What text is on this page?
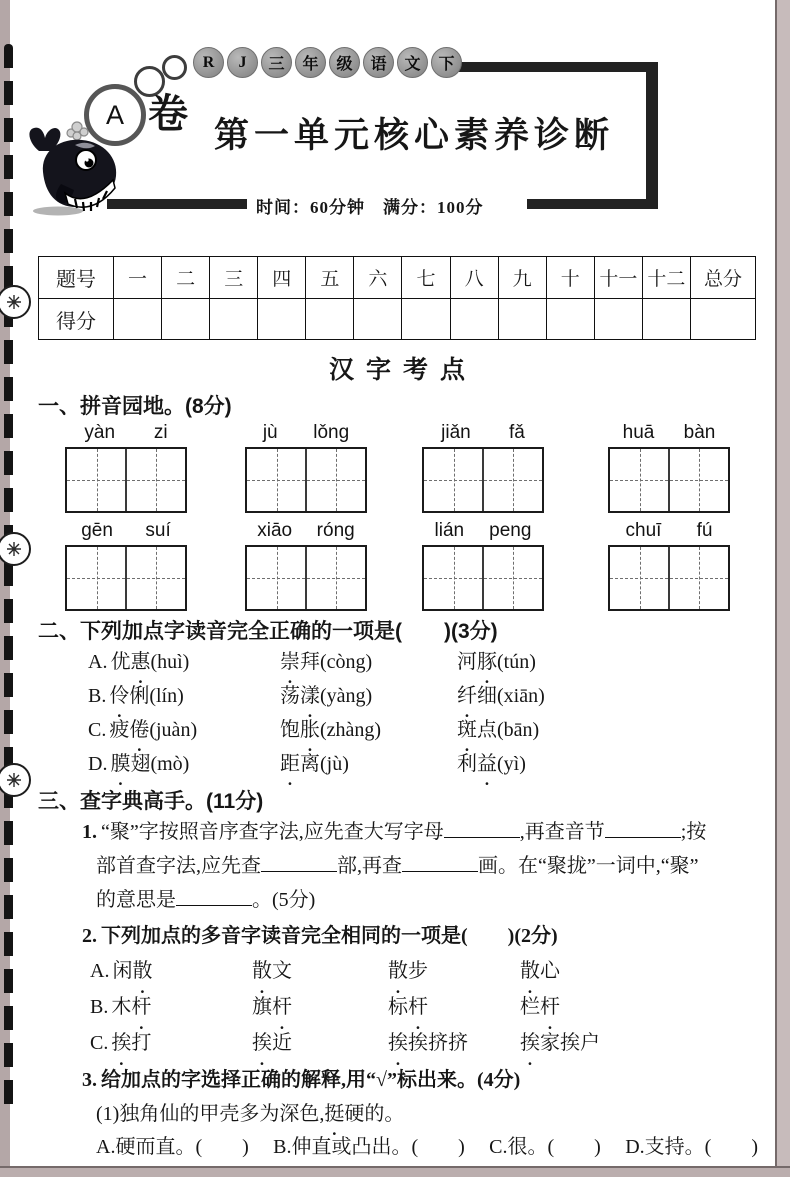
R	J	三	年	级	语	文	下
A 卷 第一单元核心素养诊断
时间：60分钟　满分：100分
题号	一	二	三	四	五	六	七	八	九	十	十一	十二	总分
得分													
汉字考点
一、拼音园地。(8分)
yàn zi	jù lǒng	jiǎn fǎ	huā bàn
gēn suí	xiāo róng	lián peng	chuī fú
二、下列加点字读音完全正确的一项是(　　)(3分)
A. 优惠(huì)	崇拜(còng)	河豚(tún)
B. 伶俐(lín)	荡漾(yàng)	纤细(xiān)
C. 疲倦(juàn)	饱胀(zhàng)	斑点(bān)
D. 膜翅(mò)	距离(jù)	利益(yì)
三、查字典高手。(11分)
1. “聚”字按照音序查字法,应先查大写字母	,再查音节	;按
部首查字法,应先查	部,再查	画。在“聚拢”一词中,“聚”
的意思是	。(5分)
2. 下列加点的多音字读音完全相同的一项是(　　)(2分)
A. 闲散	散文	散步	散心
B. 木杆	旗杆	标杆	栏杆
C. 挨打	挨近	挨挨挤挤	挨家挨户
3. 给加点的字选择正确的解释,用“√”标出来。(4分)
(1)独角仙的甲壳多为深色,挺硬的。
A.硬而直。(　　) B.伸直或凸出。(　　) C.很。(　　) D.支持。(　　)
